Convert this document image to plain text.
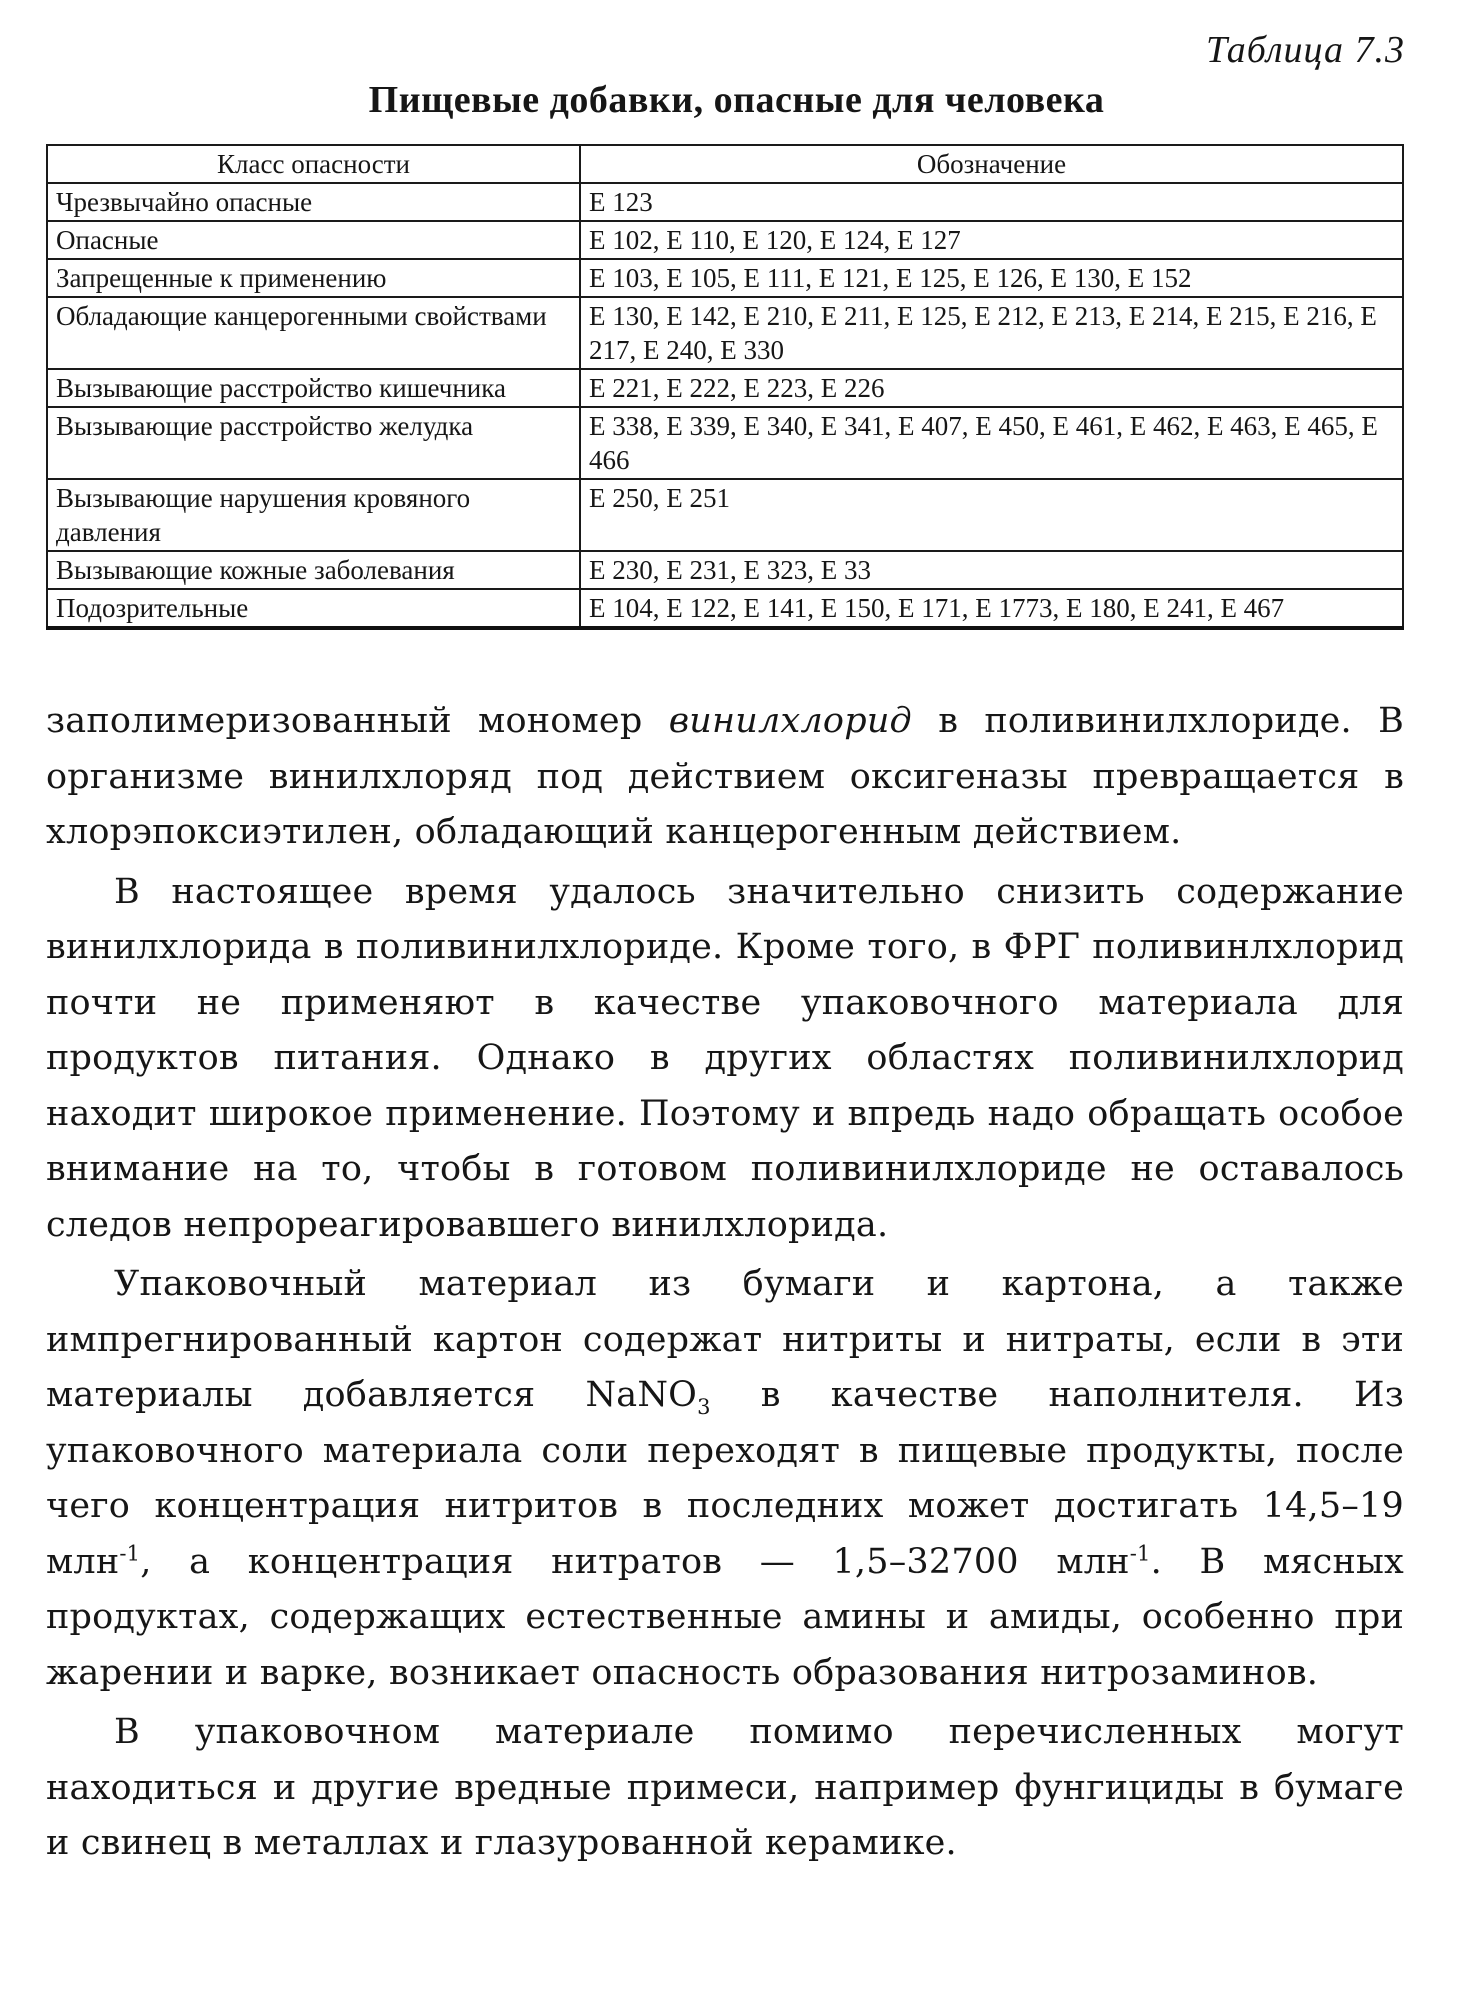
Таблица 7.3
Пищевые добавки, опасные для человека
Класс опасности	Обозначение
Чрезвычайно опасные	E 123
Опасные	E 102, E 110, E 120, E 124, E 127
Запрещенные к применению	E 103, E 105, E 111, E 121, E 125, E 126, E 130, E 152
Обладающие канцерогенными свойствами	E 130, E 142, E 210, E 211, E 125, E 212, E 213, E 214, E 215, E 216, E 217, E 240, E 330
Вызывающие расстройство кишечника	E 221, E 222, E 223, E 226
Вызывающие расстройство желудка	E 338, E 339, E 340, E 341, E 407, E 450, E 461, E 462, E 463, E 465, E 466
Вызывающие нарушения кровяного давления	E 250, E 251
Вызывающие кожные заболевания	E 230, E 231, E 323, E 33
Подозрительные	E 104, E 122, E 141, E 150, E 171, E 1773, E 180, E 241, E 467

заполимеризованный мономер винилхлорид в поливинилхлориде. В организме винилхлоряд под действием оксигеназы превращается в хлорэпоксиэтилен, обладающий канцерогенным действием.

В настоящее время удалось значительно снизить содержание винилхлорида в поливинилхлориде. Кроме того, в ФРГ поливинлхлорид почти не применяют в качестве упаковочного материала для продуктов питания. Однако в других областях поливинилхлорид находит широкое применение. Поэтому и впредь надо обращать особое внимание на то, чтобы в готовом поливинилхлориде не оставалось следов непрореагировавшего винилхлорида.

Упаковочный материал из бумаги и картона, а также импрегнированный картон содержат нитриты и нитраты, если в эти материалы добавляется NaNO$_3$ в качестве наполнителя. Из упаковочного материала соли переходят в пищевые продукты, после чего концентрация нитритов в последних может достигать 14,5–19 млн$^{-1}$, а концентрация нитратов — 1,5–32700 млн$^{-1}$. В мясных продуктах, содержащих естественные амины и амиды, особенно при жарении и варке, возникает опасность образования нитрозаминов.

В упаковочном материале помимо перечисленных могут находиться и другие вредные примеси, например фунгициды в бумаге и свинец в металлах и глазурованной керамике.
